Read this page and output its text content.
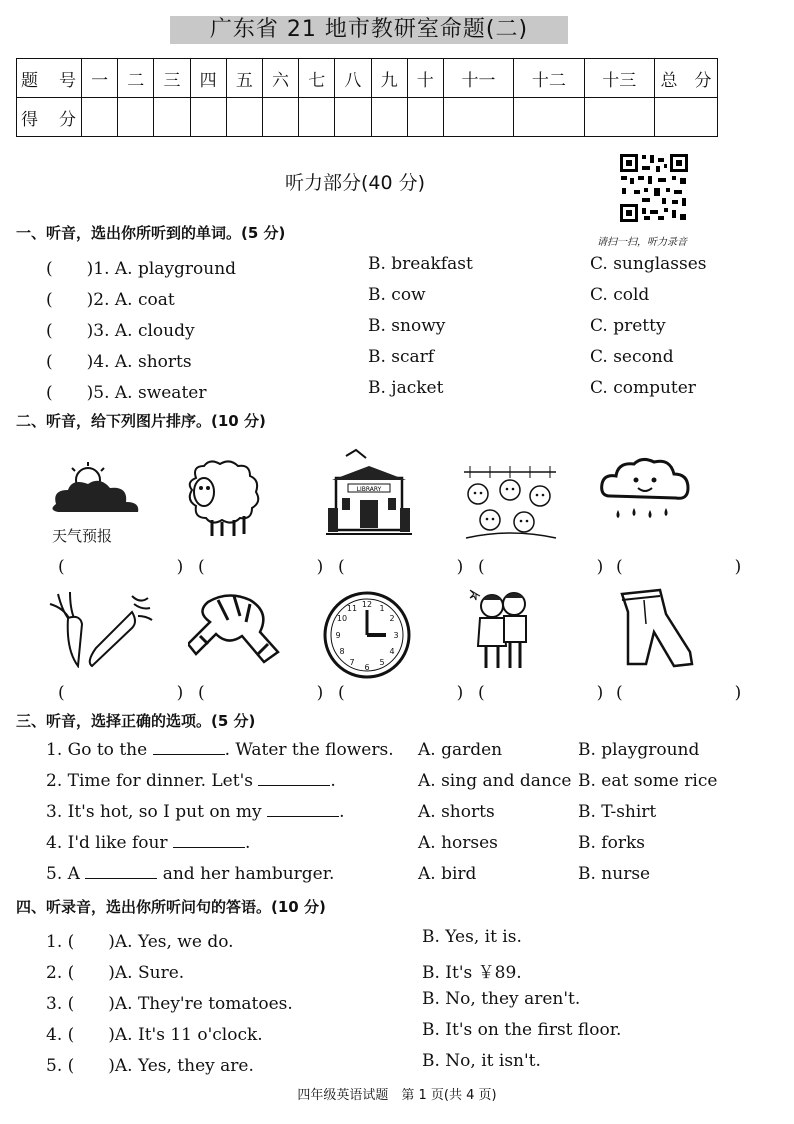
广东省 21 地市教研室命题(二)
题　号	一	二	三	四	五	六	七	八	九	十	十一	十二	十三	总　分
得　分														
听力部分(40 分)
请扫一扫，听力录音
一、听音，选出你所听到的单词。(5 分)
(　　)1. A. playground	B. breakfast	C. sunglasses
(　　)2. A. coat	B. cow	C. cold
(　　)3. A. cloudy	B. snowy	C. pretty
(　　)4. A. shorts	B. scarf	C. second
(　　)5. A. sweater	B. jacket	C. computer
二、听音，给下列图片排序。(10 分)
天气预报
LIBRARY
(　　)
(　　)
(　　)
(　　)
(　　)
12 1
2
3
4
5
6
7
8
9
10
11
(　　)
(　　)
(　　)
(　　)
(　　)
三、听音，选择正确的选项。(5 分)
1. Go to the	. Water the flowers. A. garden	B. playground
2. Time for dinner. Let's	.	A. sing and dance B. eat some rice
3. It's hot, so I put on my	.	A. shorts	B. T-shirt
4. I'd like four	.	A. horses	B. forks
5. A	and her hamburger.	A. bird	B. nurse
四、听录音，选出你所听问句的答语。(10 分)
1. (　　)A. Yes, we do.	B. Yes, it is.
2. (　　)A. Sure.	B. It's ￥89.
3. (　　)A. They're tomatoes.	B. No, they aren't.
4. (　　)A. It's 11 o'clock.	B. It's on the first floor.
5. (　　)A. Yes, they are.	B. No, it isn't.
四年级英语试题　第 1 页(共 4 页)
